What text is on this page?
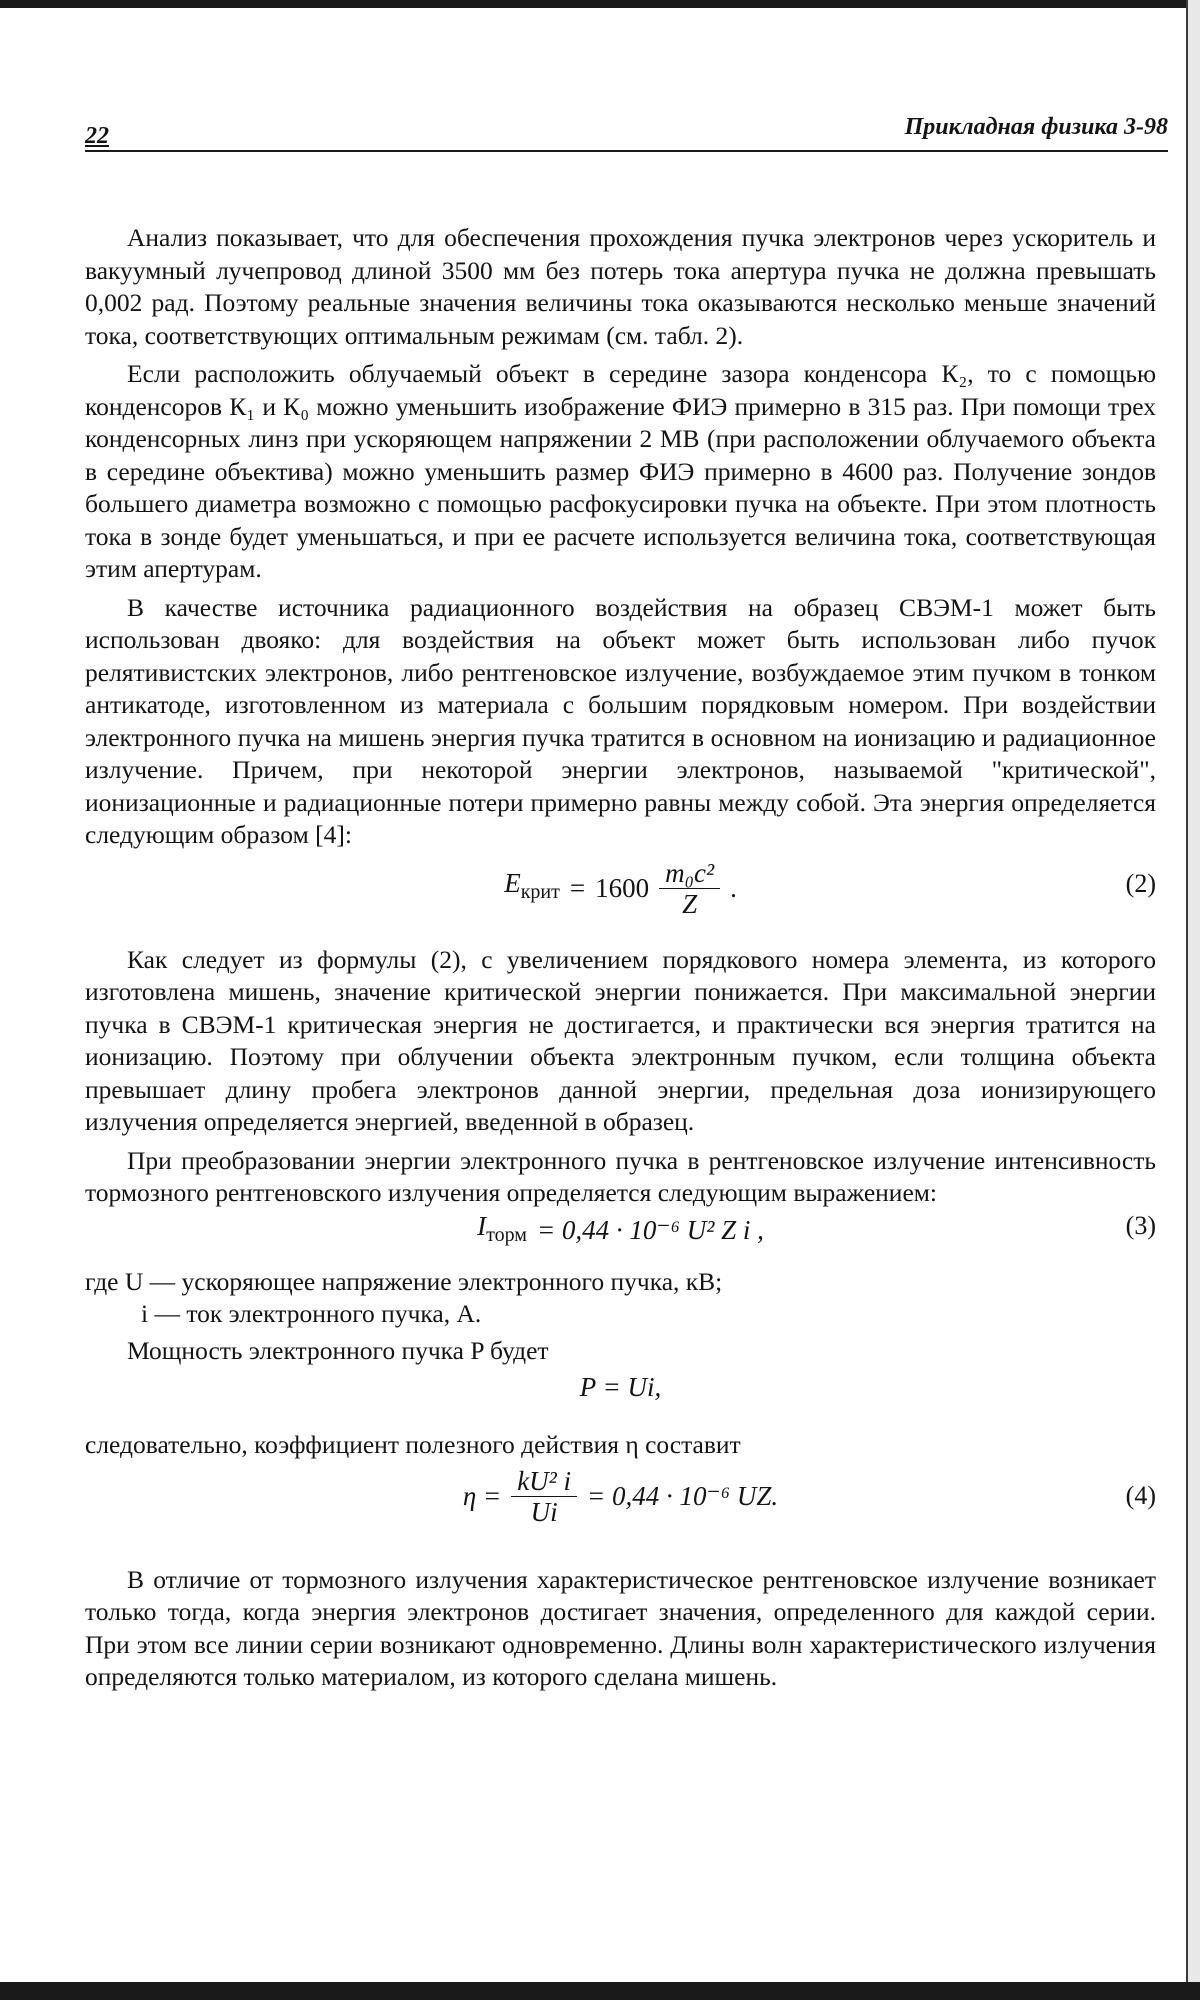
22	Прикладная физика 3-98

Анализ показывает, что для обеспечения прохождения пучка электронов через ускоритель и вакуумный лучепровод длиной 3500 мм без потерь тока апертура пучка не должна превышать 0,002 рад. Поэтому реальные значения величины тока оказываются несколько меньше значений тока, соответствующих оптимальным режимам (см. табл. 2).

Если расположить облучаемый объект в середине зазора конденсора К₂, то с помощью конденсоров К₁ и К₀ можно уменьшить изображение ФИЭ примерно в 315 раз. При помощи трех конденсорных линз при ускоряющем напряжении 2 МВ (при расположении облучаемого объекта в середине объектива) можно уменьшить размер ФИЭ примерно в 4600 раз. Получение зондов большего диаметра возможно с помощью расфокусировки пучка на объекте. При этом плотность тока в зонде будет уменьшаться, и при ее расчете используется величина тока, соответствующая этим апертурам.

В качестве источника радиационного воздействия на образец СВЭМ-1 может быть использован двояко: для воздействия на объект может быть использован либо пучок релятивистских электронов, либо рентгеновское излучение, возбуждаемое этим пучком в тонком антикатоде, изготовленном из материала с большим порядковым номером. При воздействии электронного пучка на мишень энергия пучка тратится в основном на ионизацию и радиационное излучение. Причем, при некоторой энергии электронов, называемой "критической", ионизационные и радиационные потери примерно равны между собой. Эта энергия определяется следующим образом [4]:

$E_{крит} = 1600 \frac{\text{m₀c²}}{Z}$ .	(2)

Как следует из формулы (2), с увеличением порядкового номера элемента, из которого изготовлена мишень, значение критической энергии понижается. При максимальной энергии пучка в СВЭМ-1 критическая энергия не достигается, и практически вся энергия тратится на ионизацию. Поэтому при облучении объекта электронным пучком, если толщина объекта превышает длину пробега электронов данной энергии, предельная доза ионизирующего излучения определяется энергией, введенной в образец.

При преобразовании энергии электронного пучка в рентгеновское излучение интенсивность тормозного рентгеновского излучения определяется следующим выражением:

$I_{торм} = 0,44 \cdot 10^{-6}$ U² Z i ,	(3)
где U — ускоряющее напряжение электронного пучка, кВ;
i — ток электронного пучка, А.

Мощность электронного пучка P будет

P = Ui,

следовательно, коэффициент полезного действия η составит

$\eta = \frac{\text{kU² i}}{Ui} = 0,44 \cdot 10^{-6}$ UZ.	(4)

В отличие от тормозного излучения характеристическое рентгеновское излучение возникает только тогда, когда энергия электронов достигает значения, определенного для каждой серии. При этом все линии серии возникают одновременно. Длины волн характеристического излучения определяются только материалом, из которого сделана мишень.
